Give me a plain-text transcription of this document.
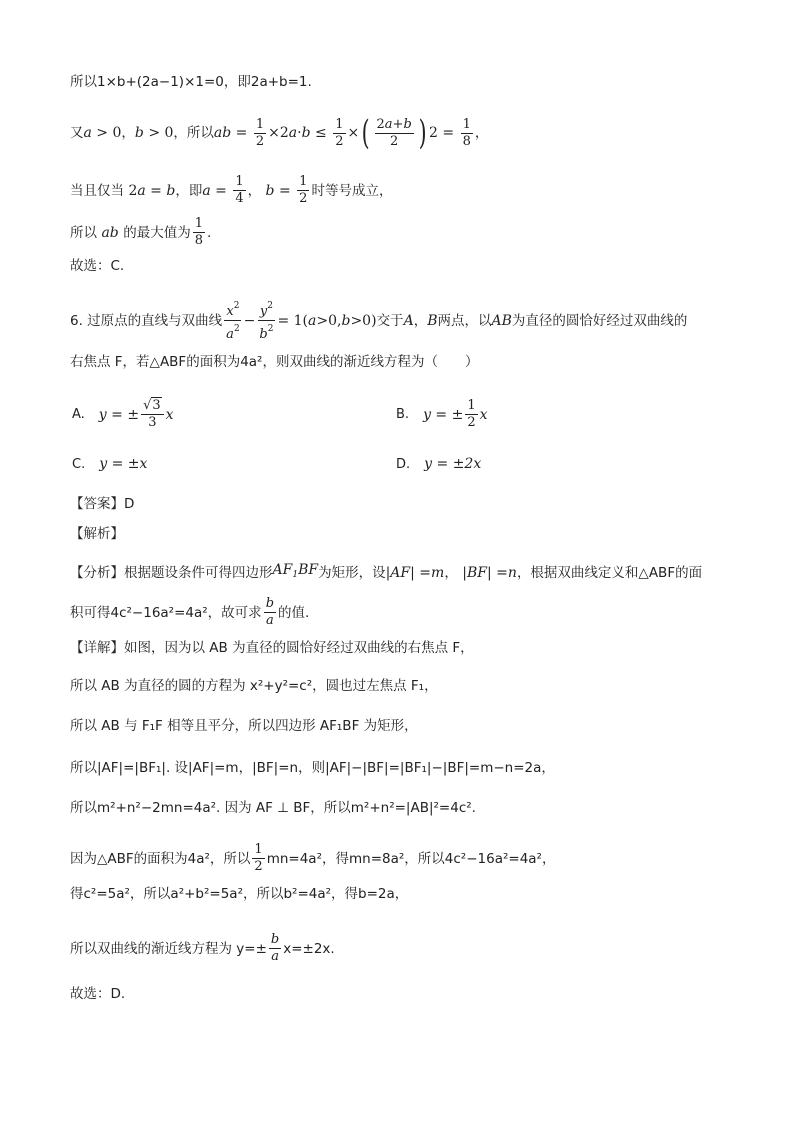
所以1×b+(2a−1)×1=0，即2a+b=1.
又 a > 0 ， b > 0 ，所以 ab = $\frac{1}{2} \times 2$ $a \cdot b \le \frac{1}{2}$ × ( $\frac{2a+b}{2}$ ) $2 = \frac{1}{8}$ ，
当且仅当 2 a = b ，即 $a = \frac{1}{4}$ ， $b = \frac{1}{2}$ 时等号成立，
所以 ab 的最大值为 $\frac{1}{8}$ .
故选：C.
6. 过原点的直线与双曲线 $\frac{x^2}{a^2} - \frac{y^2}{b^2} = 1$( a >0, b >0) 交于 A ， B 两点，以 AB 为直径的圆恰好经过双曲线的
右焦点 F，若△ABF的面积为4a²，则双曲线的渐近线方程为（　　）
A. y = ± $\frac{√3}{3}$ x	B. y = ± $\frac{1}{2}$ x
C. y = ±x	D. y = ±2x
【答案】D
【解析】
【分析】根据题设条件可得四边形 $AF_1BF$ 为矩形，设 | AF | = m ， | BF | = n ，根据双曲线定义和△ABF的面
积可得4c²−16a²=4a²，故可求 $\frac{b}{a}$ 的值.
【详解】如图，因为以 AB 为直径的圆恰好经过双曲线的右焦点 F，
所以 AB 为直径的圆的方程为 x²+y²=c²，圆也过左焦点 F₁，
所以 AB 与 F₁F 相等且平分，所以四边形 AF₁BF 为矩形，
所以|AF|=|BF₁|. 设|AF|=m，|BF|=n，则|AF|−|BF|=|BF₁|−|BF|=m−n=2a，
所以m²+n²−2mn=4a². 因为 AF ⊥ BF，所以m²+n²=|AB|²=4c².
因为△ABF的面积为4a²，所以 $\frac{1}{2} mn=4a^2$，得mn=8a²，所以4c²−16a²=4a²，
得c²=5a²，所以a²+b²=5a²，所以b²=4a²，得b=2a，
所以双曲线的渐近线方程为 $y=\pm \frac{b}{a} x=\pm 2x$.
故选：D.
